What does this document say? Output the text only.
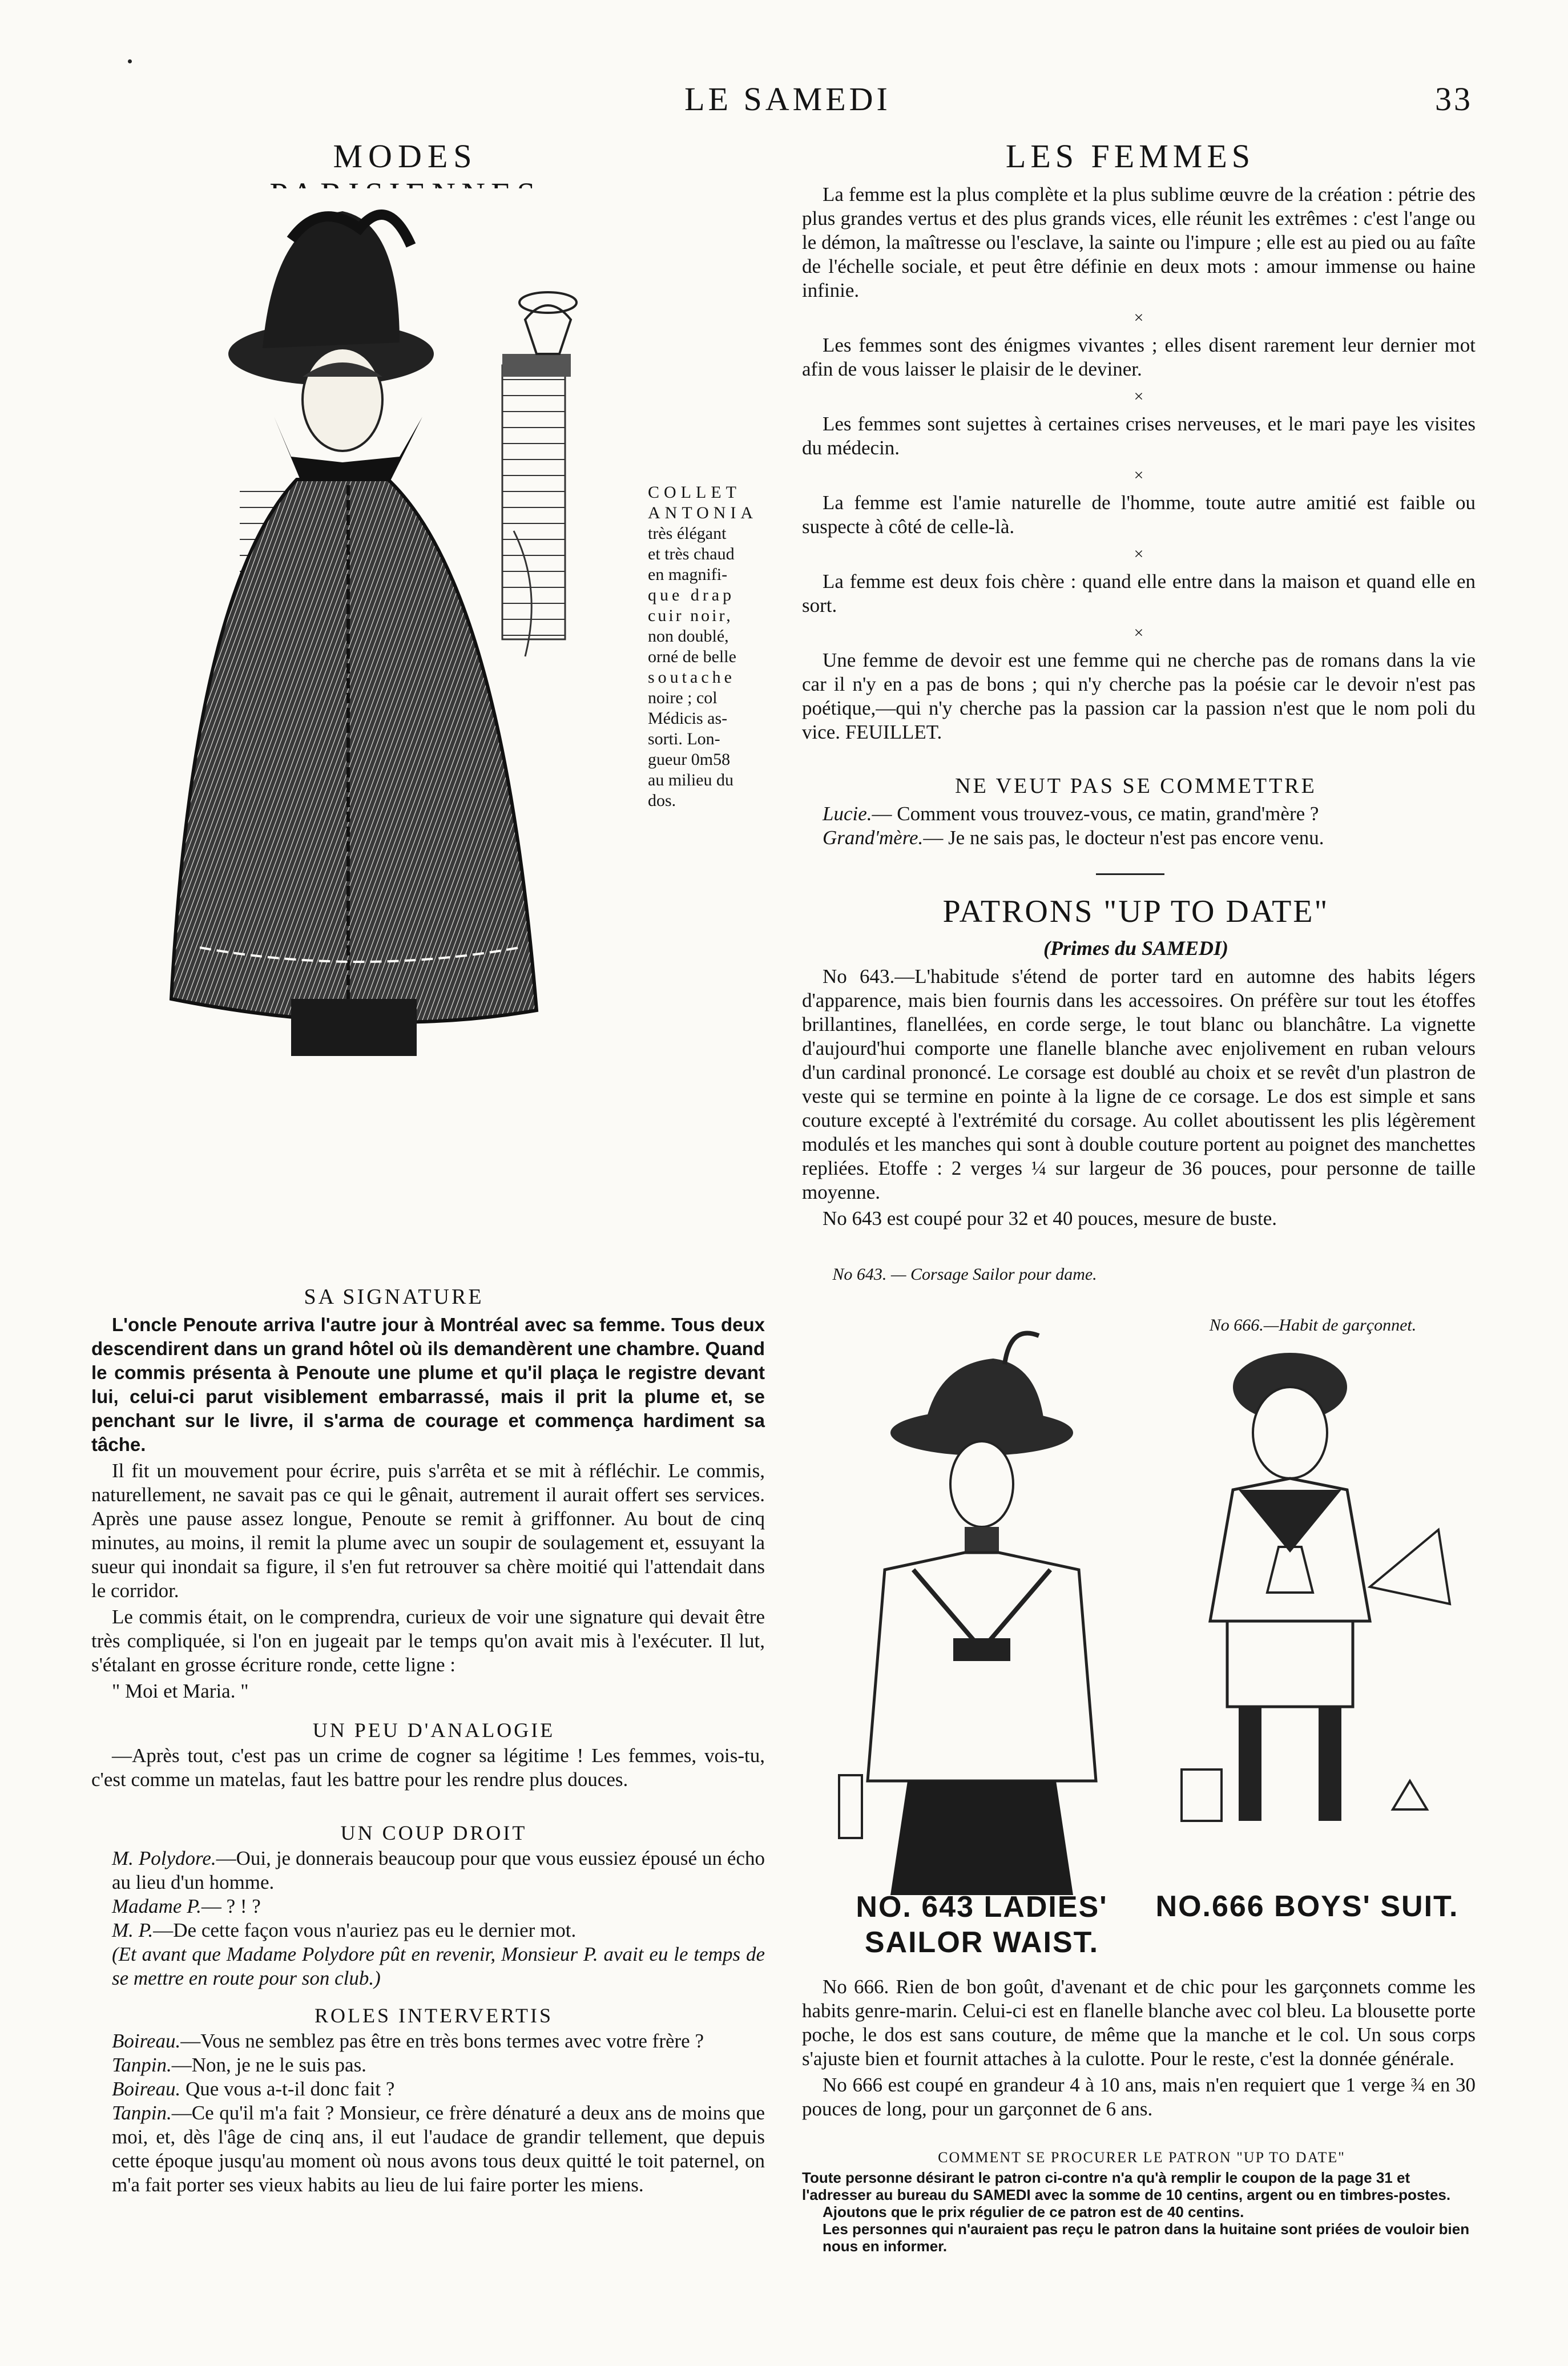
LE SAMEDI	33
MODES
COLLET
ANTONIA
très élégant
et très chaud
en magnifi-
que drap
cuir noir,
non doublé,
orné de belle
soutache
noire ; col
Médicis as-
sorti. Lon-
gueur 0m58
au milieu du
dos.
LES FEMMES

La femme est la plus complète et la plus sublime œuvre de la création : pétrie des plus grandes vertus et des plus grands vices, elle réunit les extrêmes : c'est l'ange ou le démon, la maîtresse ou l'esclave, la sainte ou l'impure ; elle est au pied ou au faîte de l'échelle sociale, et peut être définie en deux mots : amour immense ou haine infinie.

×

Les femmes sont des énigmes vivantes ; elles disent rarement leur dernier mot afin de vous laisser le plaisir de le deviner.

×

Les femmes sont sujettes à certaines crises nerveuses, et le mari paye les visites du médecin.

×

La femme est l'amie naturelle de l'homme, toute autre amitié est faible ou suspecte à côté de celle-là.

×

La femme est deux fois chère : quand elle entre dans la maison et quand elle en sort.

×

Une femme de devoir est une femme qui ne cherche pas de romans dans la vie car il n'y en a pas de bons ; qui n'y cherche pas la poésie car le devoir n'est pas poétique,—qui n'y cherche pas la passion car la passion n'est que le nom poli du vice. FEUILLET.

NE VEUT PAS SE COMMETTRE

Lucie.— Comment vous trouvez-vous, ce matin, grand'mère ?

Grand'mère.— Je ne sais pas, le docteur n'est pas encore venu.

PATRONS "UP TO DATE"
(Primes du SAMEDI)

No 643.—L'habitude s'étend de porter tard en automne des habits légers d'apparence, mais bien fournis dans les accessoires. On préfère sur tout les étoffes brillantines, flanellées, en corde serge, le tout blanc ou blanchâtre. La vignette d'aujourd'hui comporte une flanelle blanche avec enjolivement en ruban velours d'un cardinal prononcé. Le corsage est doublé au choix et se revêt d'un plastron de veste qui se termine en pointe à la ligne de ce corsage. Le dos est simple et sans couture excepté à l'extrémité du corsage. Au collet aboutissent les plis légèrement modulés et les manches qui sont à double couture portent au poignet des manchettes repliées. Etoffe : 2 verges ¼ sur largeur de 36 pouces, pour personne de taille moyenne.

No 643 est coupé pour 32 et 40 pouces, mesure de buste.

No 643. — Corsage Sailor pour dame.
No 666.—Habit de garçonnet.
NO. 643 LADIES' SAILOR WAIST.
NO.666 BOYS' SUIT.

No 666. Rien de bon goût, d'avenant et de chic pour les garçonnets comme les habits genre-marin. Celui-ci est en flanelle blanche avec col bleu. La blousette porte poche, le dos est sans couture, de même que la manche et le col. Un sous corps s'ajuste bien et fournit attaches à la culotte. Pour le reste, c'est la donnée générale.

No 666 est coupé en grandeur 4 à 10 ans, mais n'en requiert que 1 verge ¾ en 30 pouces de long, pour un garçonnet de 6 ans.

COMMENT SE PROCURER LE PATRON "UP TO DATE"
Toute personne désirant le patron ci-contre n'a qu'à remplir le coupon de la page 31 et l'adresser au bureau du SAMEDI avec la somme de 10 centins, argent ou en timbres-postes.
Ajoutons que le prix régulier de ce patron est de 40 centins.
Les personnes qui n'auraient pas reçu le patron dans la huitaine sont priées de vouloir bien nous en informer.
SA SIGNATURE

L'oncle Penoute arriva l'autre jour à Montréal avec sa femme. Tous deux descendirent dans un grand hôtel où ils demandèrent une chambre. Quand le commis présenta à Penoute une plume et qu'il plaça le registre devant lui, celui-ci parut visiblement embarrassé, mais il prit la plume et, se penchant sur le livre, il s'arma de courage et commença hardiment sa tâche.

Il fit un mouvement pour écrire, puis s'arrêta et se mit à réfléchir. Le commis, naturellement, ne savait pas ce qui le gênait, autrement il aurait offert ses services. Après une pause assez longue, Penoute se remit à griffonner. Au bout de cinq minutes, au moins, il remit la plume avec un soupir de soulagement et, essuyant la sueur qui inondait sa figure, il s'en fut retrouver sa chère moitié qui l'attendait dans le corridor.

Le commis était, on le comprendra, curieux de voir une signature qui devait être très compliquée, si l'on en jugeait par le temps qu'on avait mis à l'exécuter. Il lut, s'étalant en grosse écriture ronde, cette ligne :

" Moi et Maria. "

UN PEU D'ANALOGIE

—Après tout, c'est pas un crime de cogner sa légitime ! Les femmes, vois-tu, c'est comme un matelas, faut les battre pour les rendre plus douces.

UN COUP DROIT

M. Polydore.—Oui, je donnerais beaucoup pour que vous eussiez épousé un écho au lieu d'un homme.

Madame P.— ? ! ?

M. P.—De cette façon vous n'auriez pas eu le dernier mot.

(Et avant que Madame Polydore pût en revenir, Monsieur P. avait eu le temps de se mettre en route pour son club.)

ROLES INTERVERTIS

Boireau.—Vous ne semblez pas être en très bons termes avec votre frère ?

Tanpin.—Non, je ne le suis pas.

Boireau. Que vous a-t-il donc fait ?

Tanpin.—Ce qu'il m'a fait ? Monsieur, ce frère dénaturé a deux ans de moins que moi, et, dès l'âge de cinq ans, il eut l'audace de grandir tellement, que depuis cette époque jusqu'au moment où nous avons tous deux quitté le toit paternel, on m'a fait porter ses vieux habits au lieu de lui faire porter les miens.
